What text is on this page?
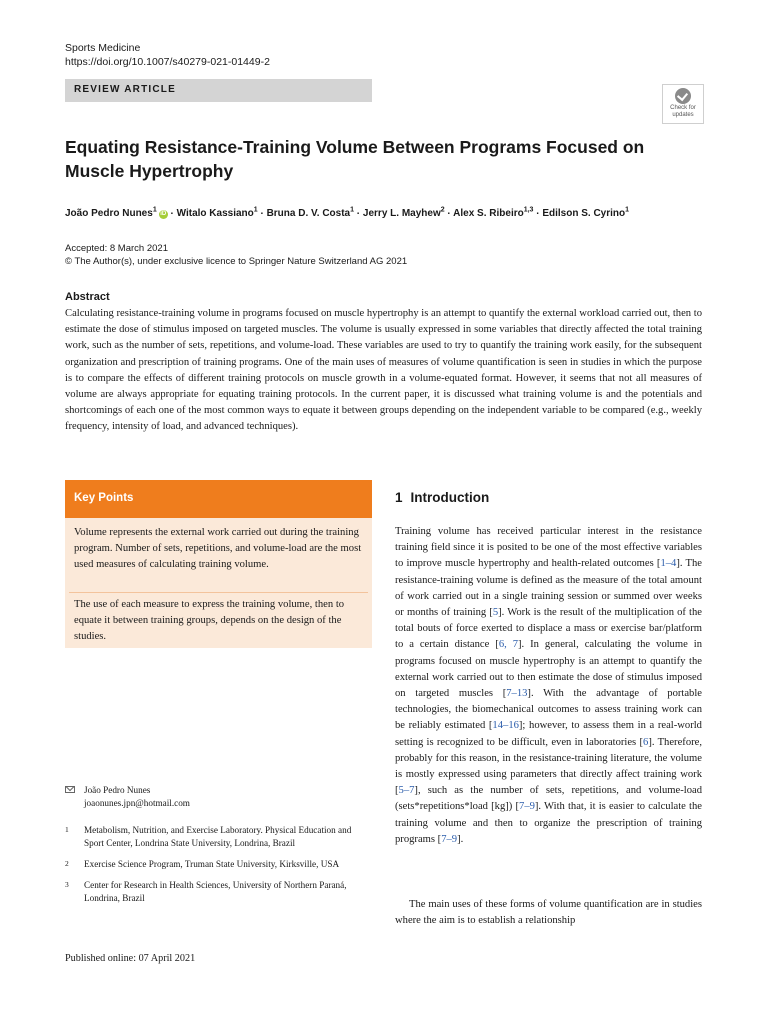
Sports Medicine
https://doi.org/10.1007/s40279-021-01449-2
REVIEW ARTICLE
Check for
updates
Equating Resistance-Training Volume Between Programs Focused on Muscle Hypertrophy
João Pedro Nunes$^1$iD · Witalo Kassiano$^1$ · Bruna D. V. Costa$^1$ · Jerry L. Mayhew$^2$ · Alex S. Ribeiro$^{1,3}$ · Edilson S. Cyrino$^1$
Accepted: 8 March 2021
© The Author(s), under exclusive licence to Springer Nature Switzerland AG 2021
Abstract

Calculating resistance-training volume in programs focused on muscle hypertrophy is an attempt to quantify the external workload carried out, then to estimate the dose of stimulus imposed on targeted muscles. The volume is usually expressed in some variables that directly affected the total training work, such as the number of sets, repetitions, and volume-load. These variables are used to try to quantify the training work easily, for the subsequent organization and prescription of training programs. One of the main uses of measures of volume quantification is seen in studies in which the purpose is to compare the effects of different training protocols on muscle growth in a volume-equated format. However, it seems that not all measures of volume are always appropriate for equating training protocols. In the current paper, it is discussed what training volume is and the potentials and shortcomings of each one of the most common ways to equate it between groups depending on the independent variable to be compared (e.g., weekly frequency, intensity of load, and advanced techniques).

Key Points

Volume represents the external work carried out during the training program. Number of sets, repetitions, and volume-load are the most used measures of calculating training volume.

The use of each measure to express the training volume, then to equate it between training groups, depends on the design of the studies.

João Pedro Nunes
joaonunes.jpn@hotmail.com
1 Metabolism, Nutrition, and Exercise Laboratory. Physical Education and Sport Center, Londrina State University, Londrina, Brazil
2 Exercise Science Program, Truman State University, Kirksville, USA
3 Center for Research in Health Sciences, University of Northern Paraná, Londrina, Brazil
Published online: 07 April 2021
1 Introduction

Training volume has received particular interest in the resistance training field since it is posited to be one of the most effective variables to improve muscle hypertrophy and health-related outcomes [1–4]. The resistance-training volume is defined as the measure of the total amount of work carried out in a single training session or summed over weeks or months of training [5]. Work is the result of the multiplication of the total bouts of force exerted to displace a mass or exercise bar/platform to a certain distance [6, 7]. In general, calculating the volume in programs focused on muscle hypertrophy is an attempt to quantify the external work carried out to then estimate the dose of stimulus imposed on targeted muscles [7–13]. With the advantage of portable technologies, the biomechanical outcomes to assess training work can be reliably estimated [14–16]; however, to assess them in a real-world setting is recognized to be difficult, even in laboratories [6]. Therefore, probably for this reason, in the resistance-training literature, the volume is mostly expressed using parameters that directly affect training work [5–7], such as the number of sets, repetitions, and volume-load (sets*repetitions*load [kg]) [7–9]. With that, it is easier to calculate the training volume and then to organize the prescription of training programs [7–9].

The main uses of these forms of volume quantification are in studies where the aim is to establish a relationship
